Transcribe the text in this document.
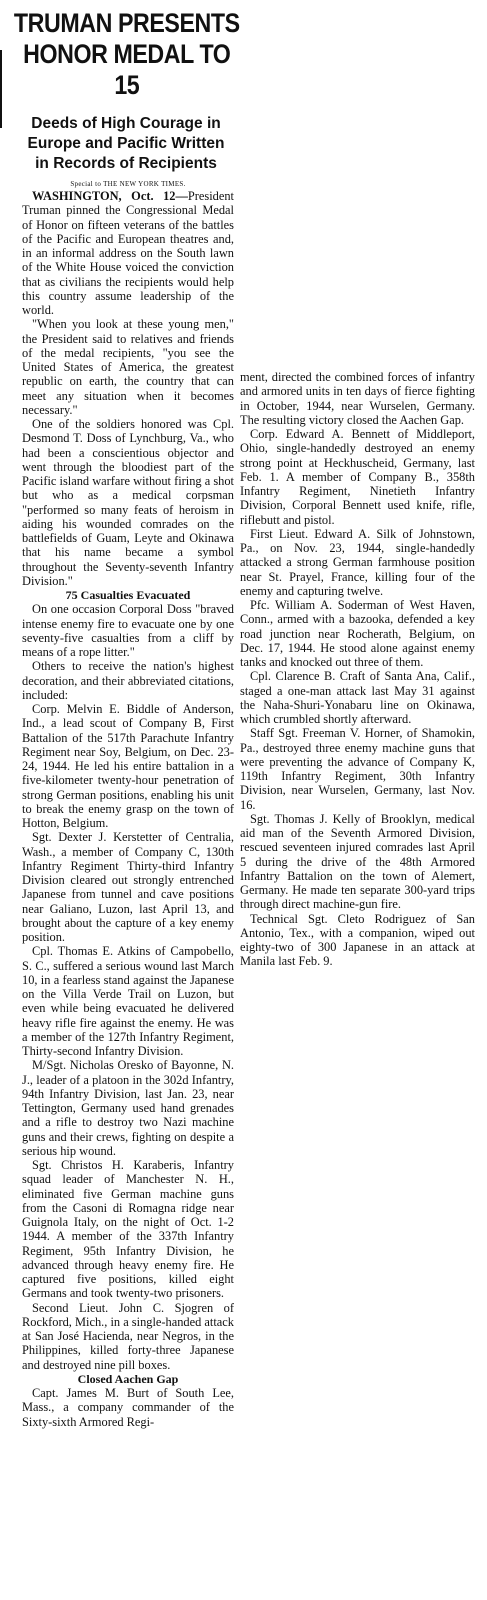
TRUMAN PRESENTS
HONOR MEDAL TO 15
Deeds of High Courage in
Europe and Pacific Written
in Records of Recipients

Special to THE NEW YORK TIMES.

WASHINGTON, Oct. 12—President Truman pinned the Congressional Medal of Honor on fifteen veterans of the battles of the Pacific and European theatres and, in an informal address on the South lawn of the White House voiced the conviction that as civilians the recipients would help this country assume leadership of the world.

"When you look at these young men," the President said to relatives and friends of the medal recipients, "you see the United States of America, the greatest republic on earth, the country that can meet any situation when it becomes necessary."

One of the soldiers honored was Cpl. Desmond T. Doss of Lynchburg, Va., who had been a conscientious objector and went through the bloodiest part of the Pacific island warfare without firing a shot but who as a medical corpsman "performed so many feats of heroism in aiding his wounded comrades on the battlefields of Guam, Leyte and Okinawa that his name became a symbol throughout the Seventy-seventh Infantry Division."

75 Casualties Evacuated

On one occasion Corporal Doss "braved intense enemy fire to evacuate one by one seventy-five casualties from a cliff by means of a rope litter."

Others to receive the nation's highest decoration, and their abbreviated citations, included:

Corp. Melvin E. Biddle of Anderson, Ind., a lead scout of Company B, First Battalion of the 517th Parachute Infantry Regiment near Soy, Belgium, on Dec. 23-24, 1944. He led his entire battalion in a five-kilometer twenty-hour penetration of strong German positions, enabling his unit to break the enemy grasp on the town of Hotton, Belgium.

Sgt. Dexter J. Kerstetter of Centralia, Wash., a member of Company C, 130th Infantry Regiment Thirty-third Infantry Division cleared out strongly entrenched Japanese from tunnel and cave positions near Galiano, Luzon, last April 13, and brought about the capture of a key enemy position.

Cpl. Thomas E. Atkins of Campobello, S. C., suffered a serious wound last March 10, in a fearless stand against the Japanese on the Villa Verde Trail on Luzon, but even while being evacuated he delivered heavy rifle fire against the enemy. He was a member of the 127th Infantry Regiment, Thirty-second Infantry Division.

M/Sgt. Nicholas Oresko of Bayonne, N. J., leader of a platoon in the 302d Infantry, 94th Infantry Division, last Jan. 23, near Tettington, Germany used hand grenades and a rifle to destroy two Nazi machine guns and their crews, fighting on despite a serious hip wound.

Sgt. Christos H. Karaberis, Infantry squad leader of Manchester N. H., eliminated five German machine guns from the Casoni di Romagna ridge near Guignola Italy, on the night of Oct. 1-2 1944. A member of the 337th Infantry Regiment, 95th Infantry Division, he advanced through heavy enemy fire. He captured five positions, killed eight Germans and took twenty-two prisoners.

Second Lieut. John C. Sjogren of Rockford, Mich., in a single-handed attack at San José Hacienda, near Negros, in the Philippines, killed forty-three Japanese and destroyed nine pill boxes.

Closed Aachen Gap

Capt. James M. Burt of South Lee, Mass., a company commander of the Sixty-sixth Armored Regi-

ment, directed the combined forces of infantry and armored units in ten days of fierce fighting in October, 1944, near Wurselen, Germany. The resulting victory closed the Aachen Gap.

Corp. Edward A. Bennett of Middleport, Ohio, single-handedly destroyed an enemy strong point at Heckhuscheid, Germany, last Feb. 1. A member of Company B., 358th Infantry Regiment, Ninetieth Infantry Division, Corporal Bennett used knife, rifle, riflebutt and pistol.

First Lieut. Edward A. Silk of Johnstown, Pa., on Nov. 23, 1944, single-handedly attacked a strong German farmhouse position near St. Prayel, France, killing four of the enemy and capturing twelve.

Pfc. William A. Soderman of West Haven, Conn., armed with a bazooka, defended a key road junction near Rocherath, Belgium, on Dec. 17, 1944. He stood alone against enemy tanks and knocked out three of them.

Cpl. Clarence B. Craft of Santa Ana, Calif., staged a one-man attack last May 31 against the Naha-Shuri-Yonabaru line on Okinawa, which crumbled shortly afterward.

Staff Sgt. Freeman V. Horner, of Shamokin, Pa., destroyed three enemy machine guns that were preventing the advance of Company K, 119th Infantry Regiment, 30th Infantry Division, near Wurselen, Germany, last Nov. 16.

Sgt. Thomas J. Kelly of Brooklyn, medical aid man of the Seventh Armored Division, rescued seventeen injured comrades last April 5 during the drive of the 48th Armored Infantry Battalion on the town of Alemert, Germany. He made ten separate 300-yard trips through direct machine-gun fire.

Technical Sgt. Cleto Rodriguez of San Antonio, Tex., with a companion, wiped out eighty-two of 300 Japanese in an attack at Manila last Feb. 9.
